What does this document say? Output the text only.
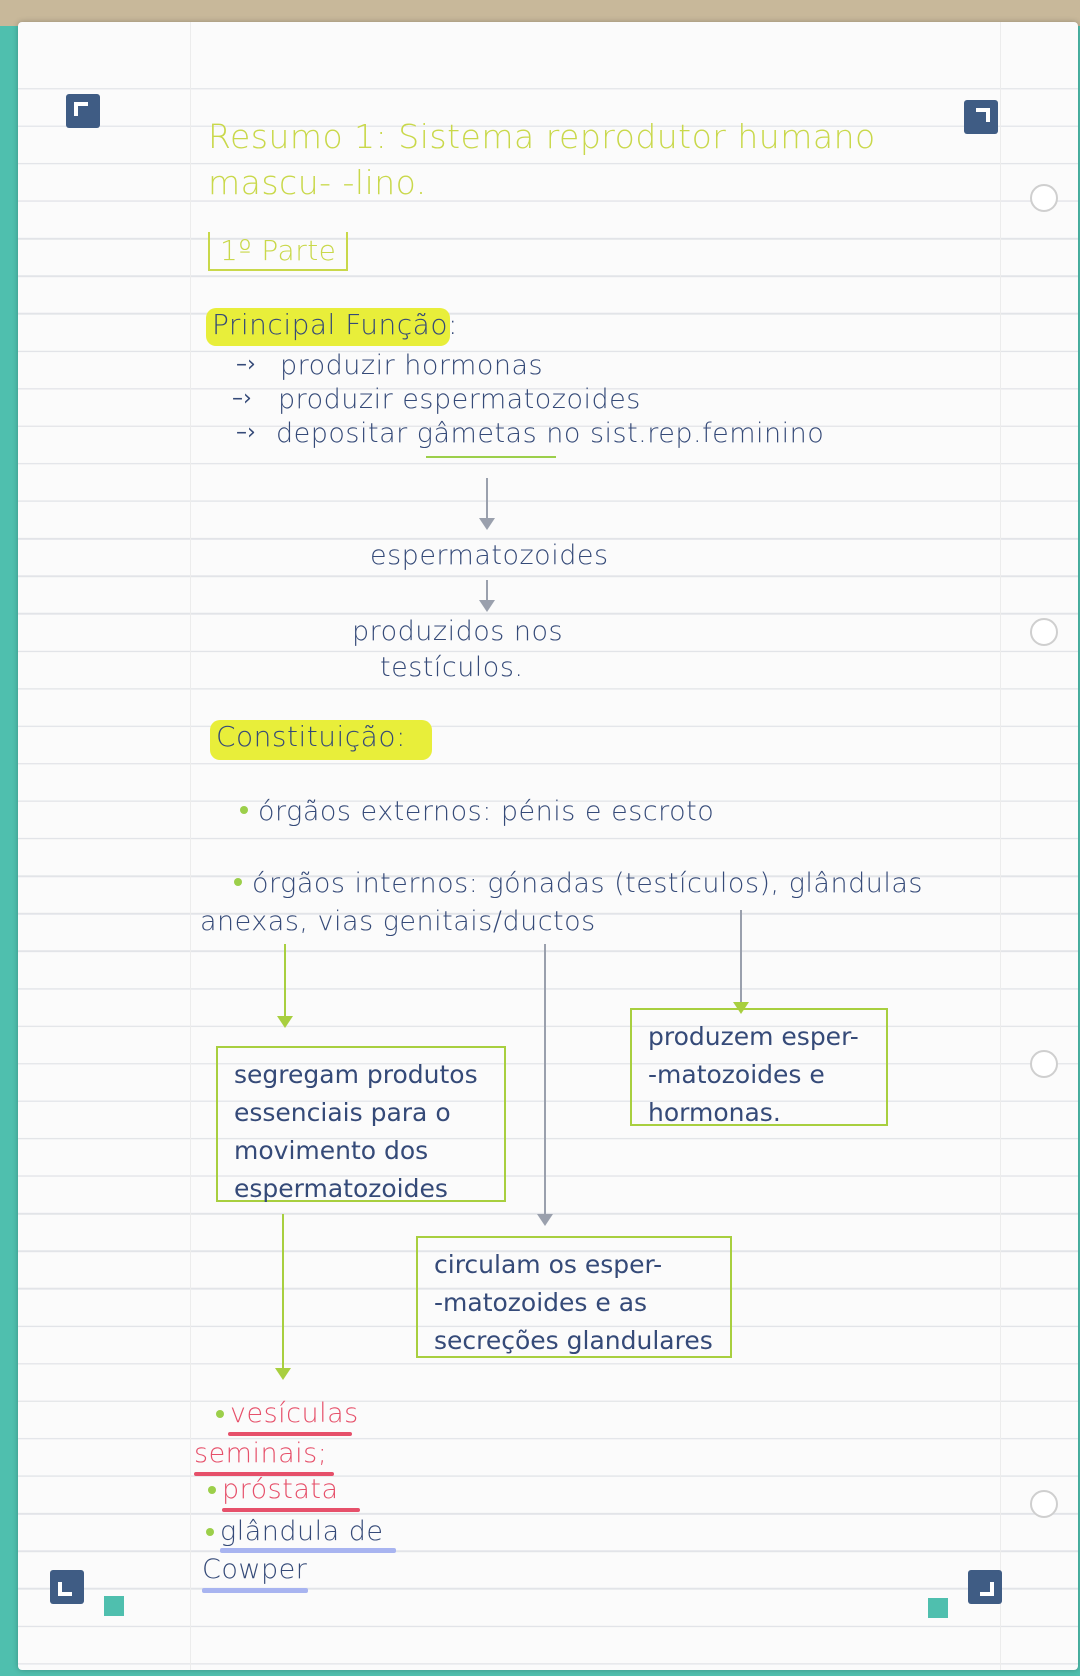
Resumo 1: Sistema reprodutor humano mascu- -lino.
1º Parte
Principal Função:
–› produzir hormonas
–› produzir espermatozoides
–› depositar gâmetas no sist.rep.feminino
espermatozoides
produzidos nos
testículos.
Constituição:
órgãos externos: pénis e escroto
órgãos internos: gónadas (testículos), glândulas
anexas, vias genitais/ductos
segregam produtos
essenciais para o
movimento dos
espermatozoides
produzem esper-
-matozoides e
hormonas.
circulam os esper-
-matozoides e as
secreções glandulares
vesículas
seminais;
próstata
glândula de
Cowper
